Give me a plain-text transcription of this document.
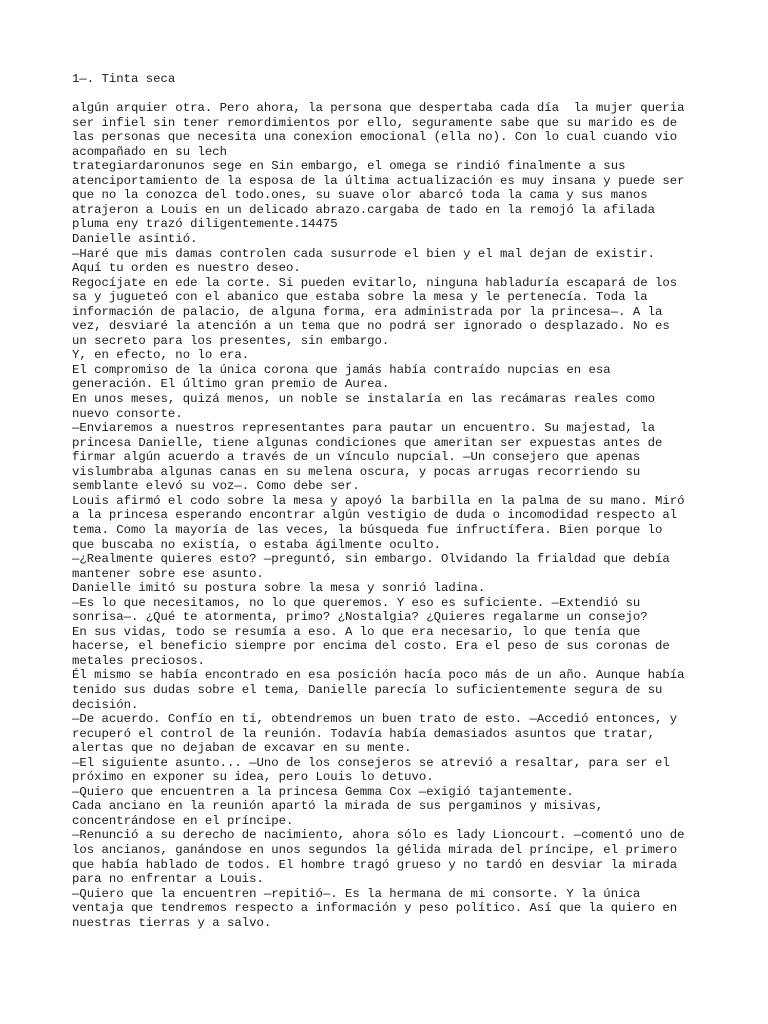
1—. Tinta seca

algún arquier otra. Pero ahora, la persona que despertaba cada día  la mujer queria

ser infiel sin tener remordimientos por ello, seguramente sabe que su marido es de

las personas que necesita una conexion emocional (ella no). Con lo cual cuando vio

acompañado en su lech

trategiardaronunos sege en Sin embargo, el omega se rindió finalmente a sus

atenciportamiento de la esposa de la última actualización es muy insana y puede ser

que no la conozca del todo.ones, su suave olor abarcó toda la cama y sus manos

atrajeron a Louis en un delicado abrazo.cargaba de tado en la remojó la afilada

pluma eny trazó diligentemente.14475

Danielle asintió.

—Haré que mis damas controlen cada susurrode el bien y el mal dejan de existir.

Aquí tu orden es nuestro deseo.

Regocíjate en ede la corte. Si pueden evitarlo, ninguna habladuría escapará de los

sa y jugueteó con el abanico que estaba sobre la mesa y le pertenecía. Toda la

información de palacio, de alguna forma, era administrada por la princesa—. A la

vez, desviaré la atención a un tema que no podrá ser ignorado o desplazado. No es

un secreto para los presentes, sin embargo.

Y, en efecto, no lo era.

El compromiso de la única corona que jamás había contraído nupcias en esa

generación. El último gran premio de Aurea.

En unos meses, quizá menos, un noble se instalaría en las recámaras reales como

nuevo consorte.

—Enviaremos a nuestros representantes para pautar un encuentro. Su majestad, la

princesa Danielle, tiene algunas condiciones que ameritan ser expuestas antes de

firmar algún acuerdo a través de un vínculo nupcial. —Un consejero que apenas

vislumbraba algunas canas en su melena oscura, y pocas arrugas recorriendo su

semblante elevó su voz—. Como debe ser.

Louis afirmó el codo sobre la mesa y apoyó la barbilla en la palma de su mano. Miró

a la princesa esperando encontrar algún vestigio de duda o incomodidad respecto al

tema. Como la mayoría de las veces, la búsqueda fue infructífera. Bien porque lo

que buscaba no existía, o estaba ágilmente oculto.

—¿Realmente quieres esto? —preguntó, sin embargo. Olvidando la frialdad que debía

mantener sobre ese asunto.

Danielle imitó su postura sobre la mesa y sonrió ladina.

—Es lo que necesitamos, no lo que queremos. Y eso es suficiente. —Extendió su

sonrisa—. ¿Qué te atormenta, primo? ¿Nostalgia? ¿Quieres regalarme un consejo?

En sus vidas, todo se resumía a eso. A lo que era necesario, lo que tenía que

hacerse, el beneficio siempre por encima del costo. Era el peso de sus coronas de

metales preciosos.

Él mismo se había encontrado en esa posición hacía poco más de un año. Aunque había

tenido sus dudas sobre el tema, Danielle parecía lo suficientemente segura de su

decisión.

—De acuerdo. Confío en ti, obtendremos un buen trato de esto. —Accedió entonces, y

recuperó el control de la reunión. Todavía había demasiados asuntos que tratar,

alertas que no dejaban de excavar en su mente.

—El siguiente asunto... —Uno de los consejeros se atrevió a resaltar, para ser el

próximo en exponer su idea, pero Louis lo detuvo.

—Quiero que encuentren a la princesa Gemma Cox —exigió tajantemente.

Cada anciano en la reunión apartó la mirada de sus pergaminos y misivas,

concentrándose en el príncipe.

—Renunció a su derecho de nacimiento, ahora sólo es lady Lioncourt. —comentó uno de

los ancianos, ganándose en unos segundos la gélida mirada del príncipe, el primero

que había hablado de todos. El hombre tragó grueso y no tardó en desviar la mirada

para no enfrentar a Louis.

—Quiero que la encuentren —repitió—. Es la hermana de mi consorte. Y la única

ventaja que tendremos respecto a información y peso político. Así que la quiero en

nuestras tierras y a salvo.
